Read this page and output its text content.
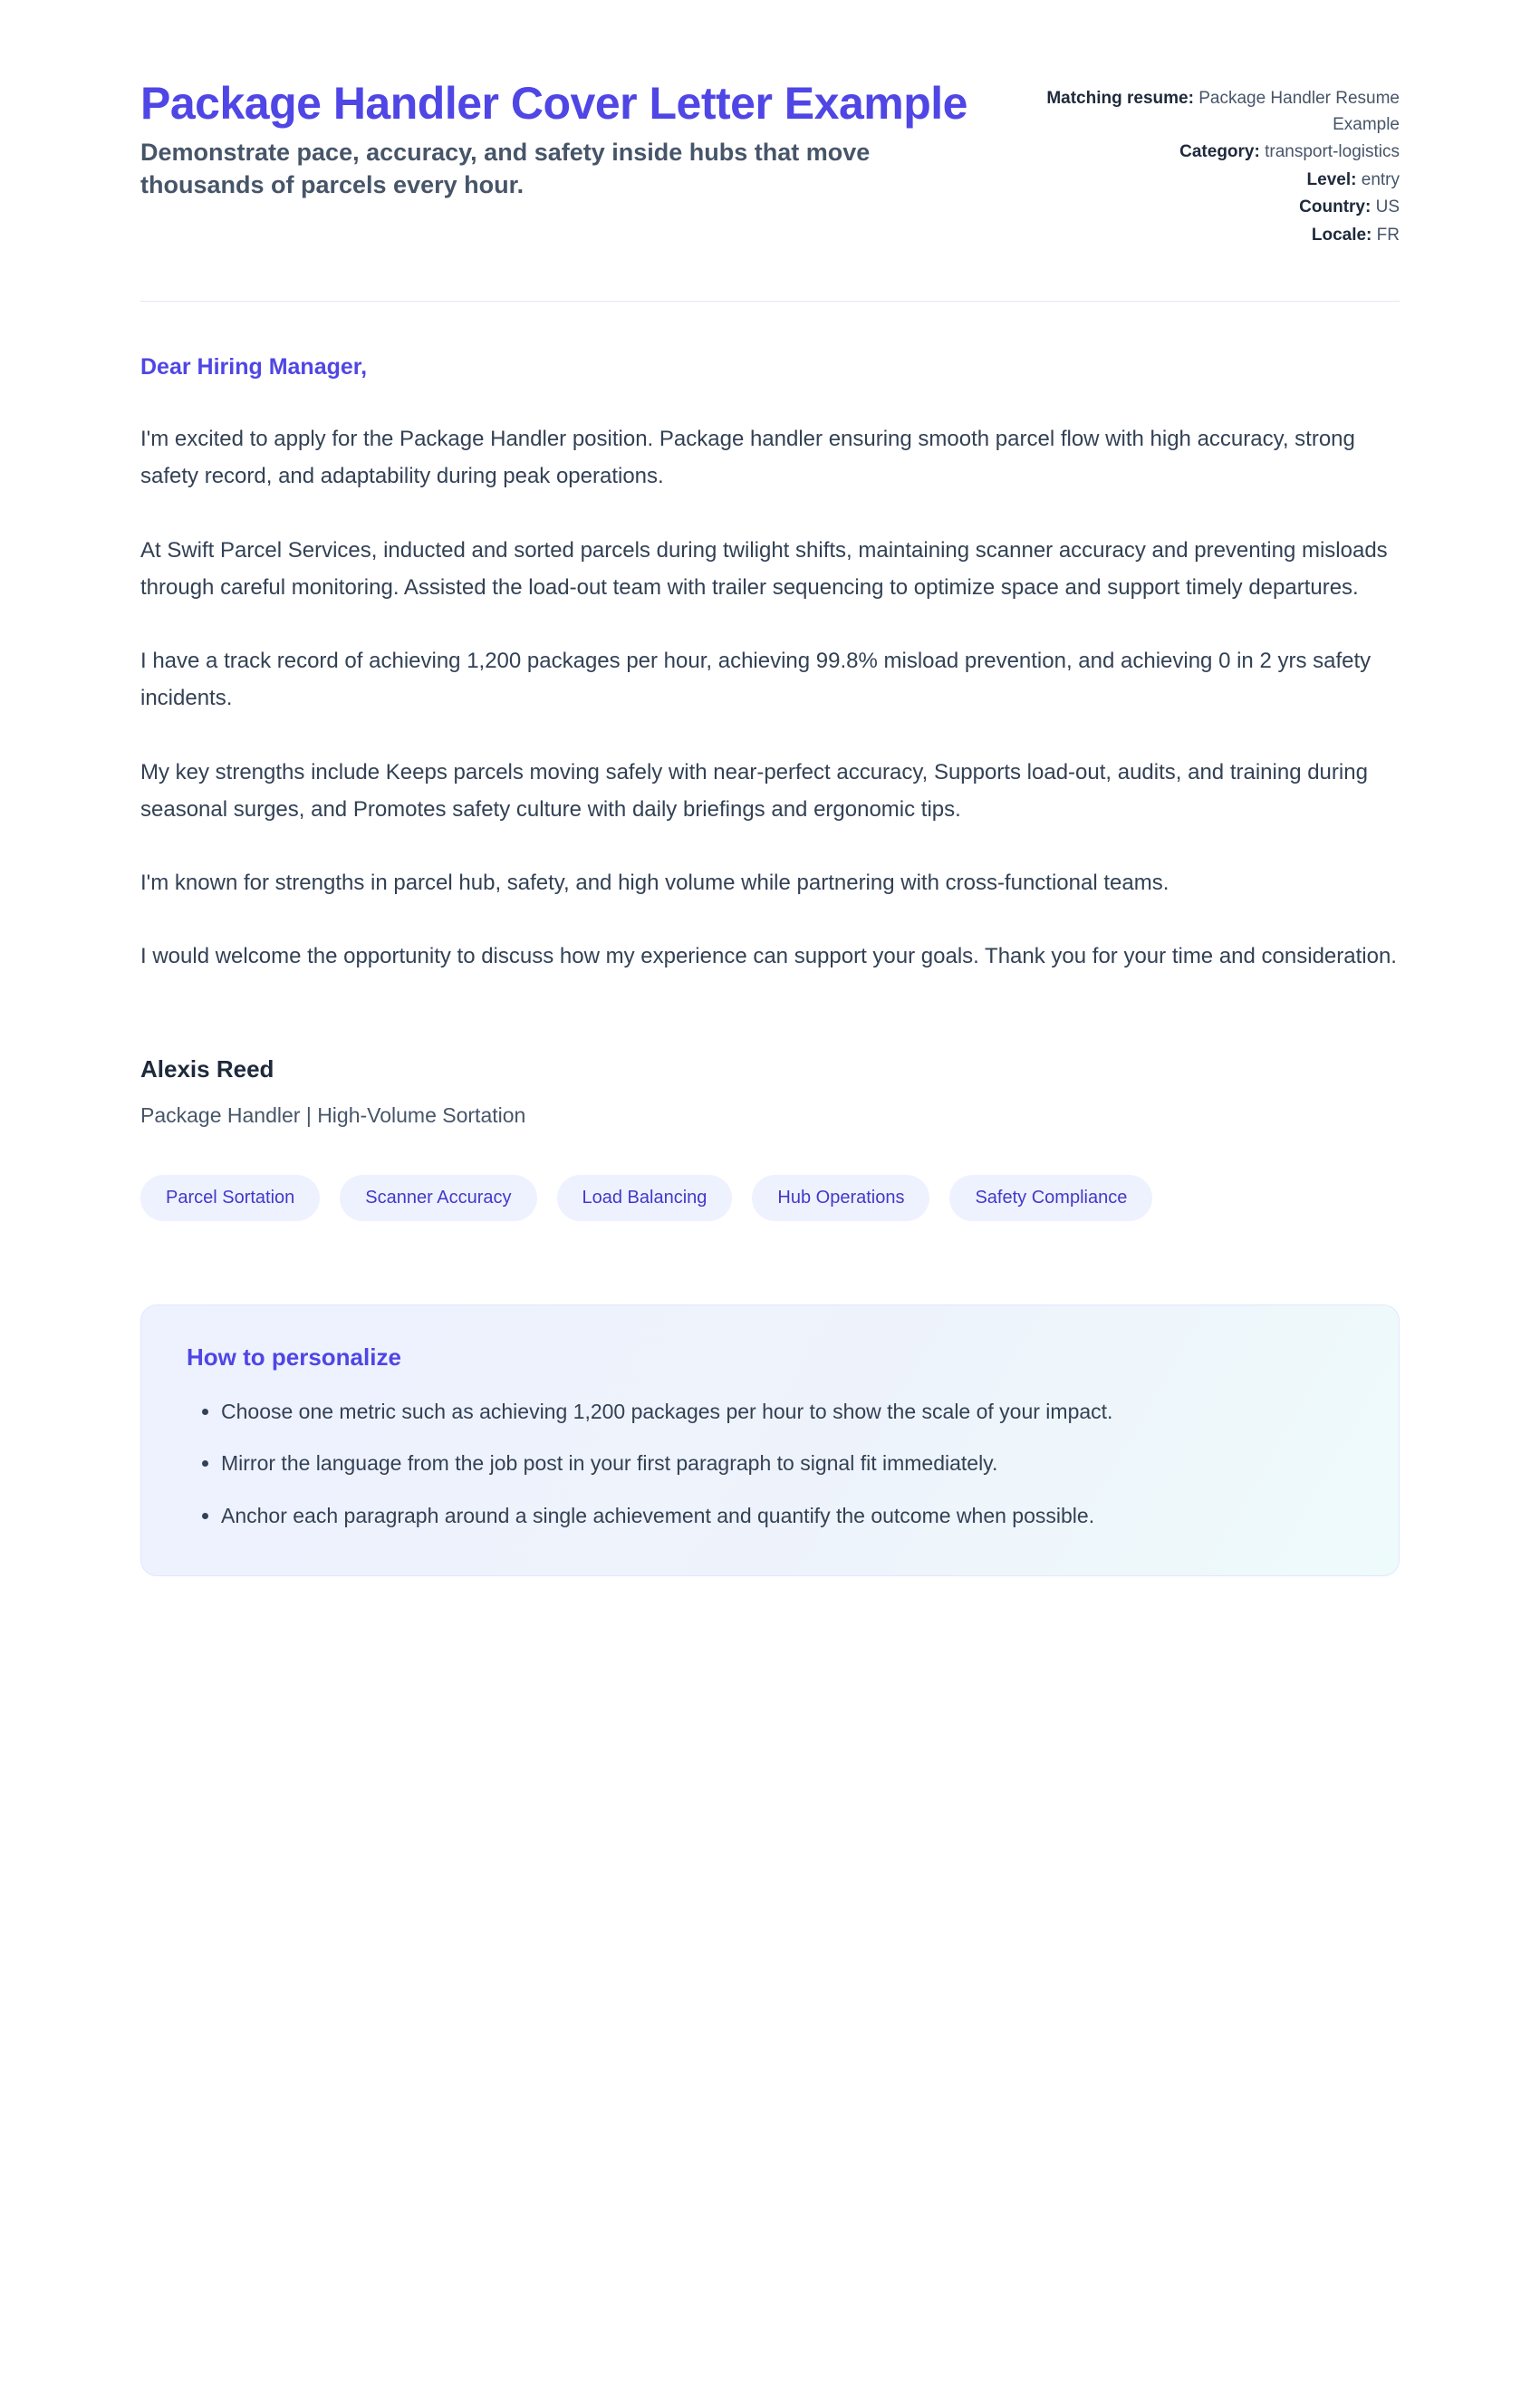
Package Handler Cover Letter Example

Demonstrate pace, accuracy, and safety inside hubs that move thousands of parcels every hour.

Matching resume: Package Handler Resume Example
Category: transport-logistics
Level: entry
Country: US
Locale: FR

Dear Hiring Manager,

I'm excited to apply for the Package Handler position. Package handler ensuring smooth parcel flow with high accuracy, strong safety record, and adaptability during peak operations.

At Swift Parcel Services, inducted and sorted parcels during twilight shifts, maintaining scanner accuracy and preventing misloads through careful monitoring. Assisted the load-out team with trailer sequencing to optimize space and support timely departures.

I have a track record of achieving 1,200 packages per hour, achieving 99.8% misload prevention, and achieving 0 in 2 yrs safety incidents.

My key strengths include Keeps parcels moving safely with near-perfect accuracy, Supports load-out, audits, and training during seasonal surges, and Promotes safety culture with daily briefings and ergonomic tips.

I'm known for strengths in parcel hub, safety, and high volume while partnering with cross-functional teams.

I would welcome the opportunity to discuss how my experience can support your goals. Thank you for your time and consideration.

Alexis Reed

Package Handler | High-Volume Sortation

Parcel Sortation	Scanner Accuracy	Load Balancing	Hub Operations	Safety Compliance
How to personalize
• Choose one metric such as achieving 1,200 packages per hour to show the scale of your impact.
• Mirror the language from the job post in your first paragraph to signal fit immediately.
• Anchor each paragraph around a single achievement and quantify the outcome when possible.
